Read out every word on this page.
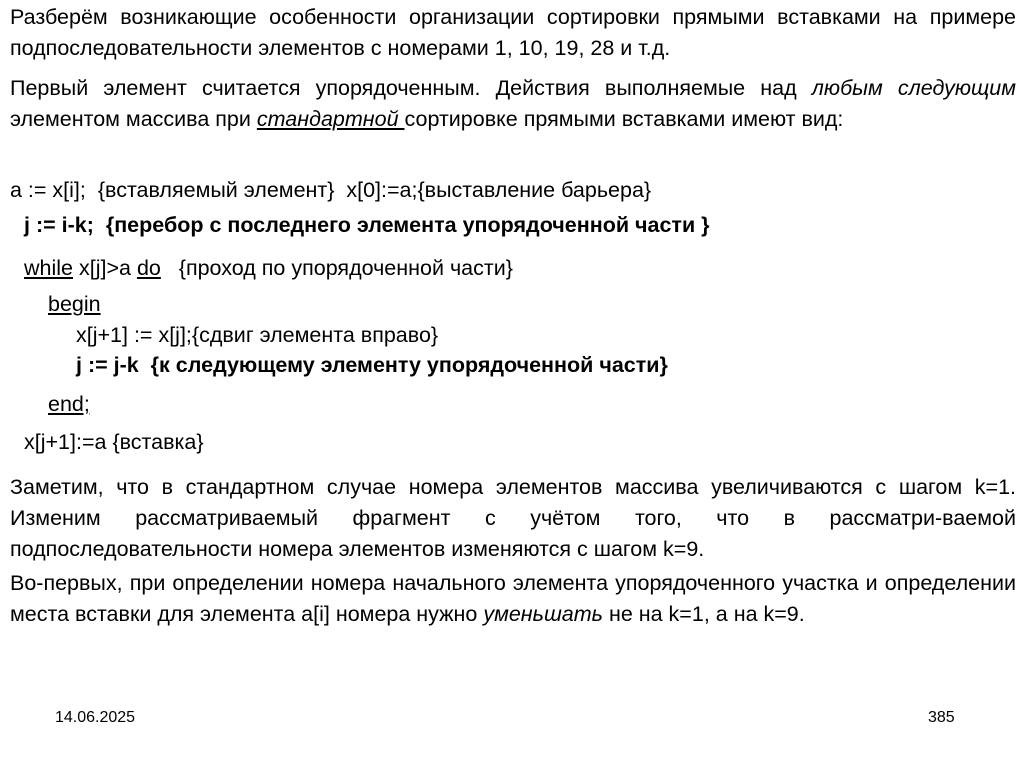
Разберём возникающие особенности организации сортировки прямыми вставками на примере подпоследовательности элементов с номерами 1, 10, 19, 28 и т.д.

Первый элемент считается упорядоченным. Действия выполняемые над любым следующим элементом массива при стандартной сортировке прямыми вставками имеют вид:

a := x[i];  {вставляемый элемент}  x[0]:=a;{выставление барьера}
j := i-k;  {перебор с последнего элемента упорядоченной части }
while x[j]>a do   {проход по упорядоченной части}
begin
x[j+1] := x[j];{сдвиг элемента вправо}
j := j-k  {к следующему элементу упорядоченной части}
end;
x[j+1]:=a {вставка}

Заметим, что в стандартном случае номера элементов массива увеличиваются с шагом k=1. Изменим рассматриваемый фрагмент с учётом того, что в рассматри-ваемой подпоследовательности номера элементов изменяются с шагом k=9.

Во-первых, при определении номера начального элемента упорядоченного участка и определении места вставки для элемента a[i] номера нужно уменьшать не на k=1, а на k=9.

14.06.2025	385
